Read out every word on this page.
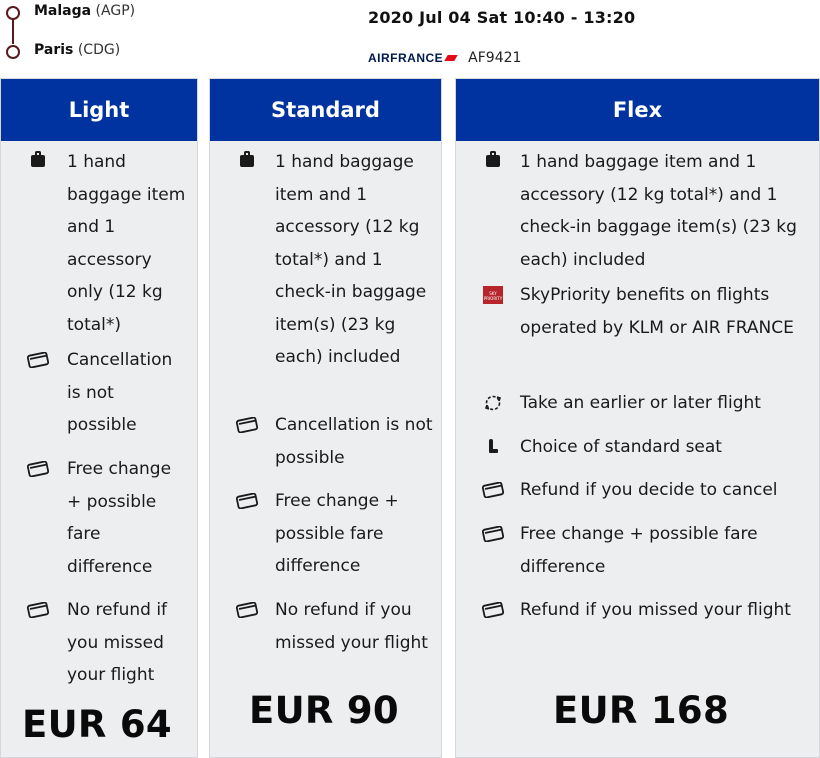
Malaga (AGP)
Paris (CDG)
2020 Jul 04 Sat 10:40 - 13:20
AIRFRANCE AF9421
Light
1 hand baggage item and 1 accessory only (12 kg total*)
Cancellation is not possible
Free change + possible fare difference
No refund if you missed your flight
Standard
1 hand baggage item and 1 accessory (12 kg total*) and 1 check-in baggage item(s) (23 kg each) included
Cancellation is not possible
Free change + possible fare difference
No refund if you missed your flight
Flex
1 hand baggage item and 1 accessory (12 kg total*) and 1 check-in baggage item(s) (23 kg each) included
SKY
PRIORITY SkyPriority benefits on flights operated by KLM or AIR FRANCE
Take an earlier or later flight
Choice of standard seat
Refund if you decide to cancel
Free change + possible fare difference
Refund if you missed your flight
EUR 64 EUR 90	EUR 168
